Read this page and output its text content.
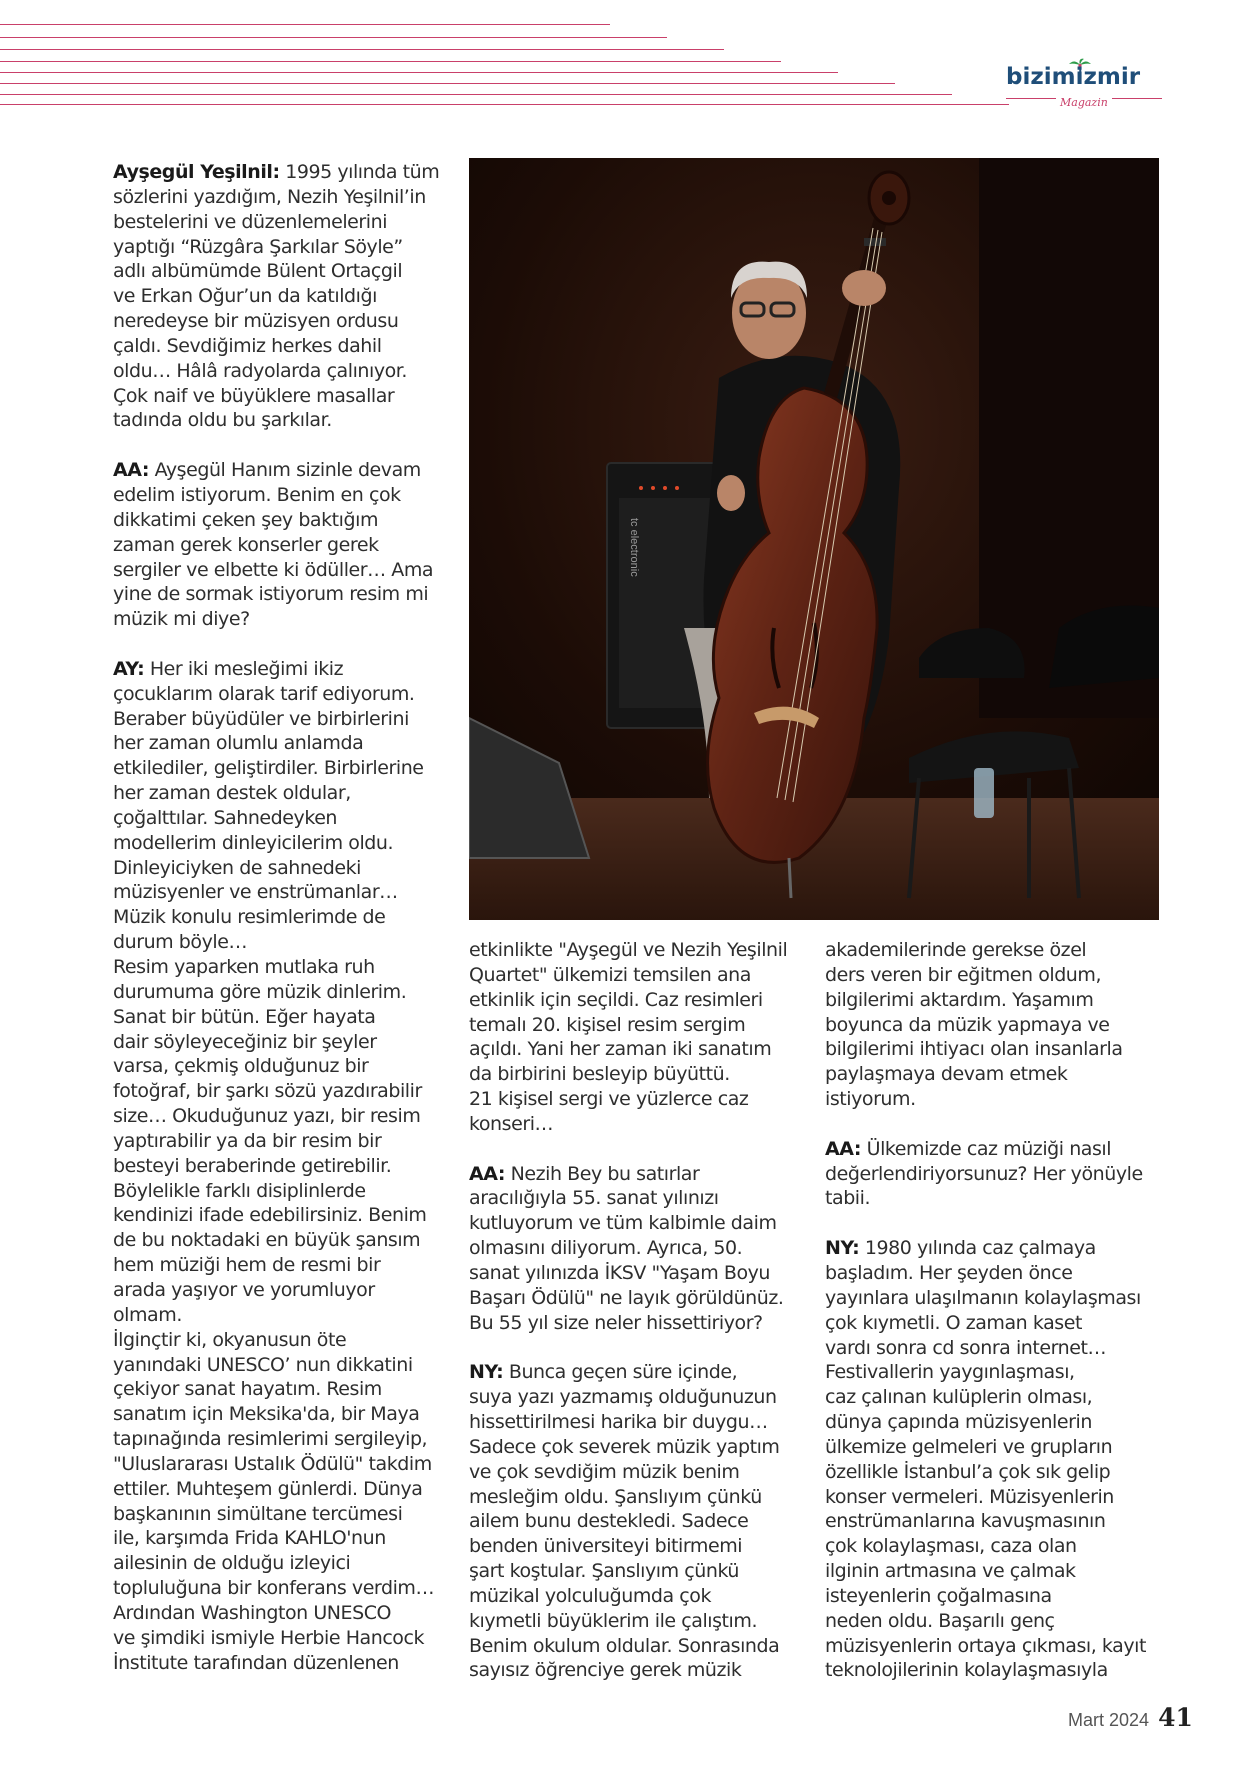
bizimizmir
Magazin
tc electronic

Ayşegül Yeşilnil: 1995 yılında tüm

sözlerini yazdığım, Nezih Yeşilnil’in

bestelerini ve düzenlemelerini

yaptığı “Rüzgâra Şarkılar Söyle”

adlı albümümde Bülent Ortaçgil

ve Erkan Oğur’un da katıldığı

neredeyse bir müzisyen ordusu

çaldı. Sevdiğimiz herkes dahil

oldu… Hâlâ radyolarda çalınıyor.

Çok naif ve büyüklere masallar

tadında oldu bu şarkılar.

AA: Ayşegül Hanım sizinle devam

edelim istiyorum. Benim en çok

dikkatimi çeken şey baktığım

zaman gerek konserler gerek

sergiler ve elbette ki ödüller… Ama

yine de sormak istiyorum resim mi

müzik mi diye?

AY: Her iki mesleğimi ikiz

çocuklarım olarak tarif ediyorum.

Beraber büyüdüler ve birbirlerini

her zaman olumlu anlamda

etkilediler, geliştirdiler. Birbirlerine

her zaman destek oldular,

çoğalttılar. Sahnedeyken

modellerim dinleyicilerim oldu.

Dinleyiciyken de sahnedeki

müzisyenler ve enstrümanlar…

Müzik konulu resimlerimde de

durum böyle…

Resim yaparken mutlaka ruh

durumuma göre müzik dinlerim.

Sanat bir bütün. Eğer hayata

dair söyleyeceğiniz bir şeyler

varsa, çekmiş olduğunuz bir

fotoğraf, bir şarkı sözü yazdırabilir

size… Okuduğunuz yazı, bir resim

yaptırabilir ya da bir resim bir

besteyi beraberinde getirebilir.

Böylelikle farklı disiplinlerde

kendinizi ifade edebilirsiniz. Benim

de bu noktadaki en büyük şansım

hem müziği hem de resmi bir

arada yaşıyor ve yorumluyor

olmam.

İlginçtir ki, okyanusun öte

yanındaki UNESCO’ nun dikkatini

çekiyor sanat hayatım. Resim

sanatım için Meksika'da, bir Maya

tapınağında resimlerimi sergileyip,

"Uluslararası Ustalık Ödülü" takdim

ettiler. Muhteşem günlerdi. Dünya

başkanının simültane tercümesi

ile, karşımda Frida KAHLO'nun

ailesinin de olduğu izleyici

topluluğuna bir konferans verdim…

Ardından Washington UNESCO

ve şimdiki ismiyle Herbie Hancock

İnstitute tarafından düzenlenen

etkinlikte "Ayşegül ve Nezih Yeşilnil

Quartet" ülkemizi temsilen ana

etkinlik için seçildi. Caz resimleri

temalı 20. kişisel resim sergim

açıldı. Yani her zaman iki sanatım

da birbirini besleyip büyüttü.

21 kişisel sergi ve yüzlerce caz

konseri…

AA: Nezih Bey bu satırlar

aracılığıyla 55. sanat yılınızı

kutluyorum ve tüm kalbimle daim

olmasını diliyorum. Ayrıca, 50.

sanat yılınızda İKSV "Yaşam Boyu

Başarı Ödülü" ne layık görüldünüz.

Bu 55 yıl size neler hissettiriyor?

NY: Bunca geçen süre içinde,

suya yazı yazmamış olduğunuzun

hissettirilmesi harika bir duygu…

Sadece çok severek müzik yaptım

ve çok sevdiğim müzik benim

mesleğim oldu. Şanslıyım çünkü

ailem bunu destekledi. Sadece

benden üniversiteyi bitirmemi

şart koştular. Şanslıyım çünkü

müzikal yolculuğumda çok

kıymetli büyüklerim ile çalıştım.

Benim okulum oldular. Sonrasında

sayısız öğrenciye gerek müzik

akademilerinde gerekse özel

ders veren bir eğitmen oldum,

bilgilerimi aktardım. Yaşamım

boyunca da müzik yapmaya ve

bilgilerimi ihtiyacı olan insanlarla

paylaşmaya devam etmek

istiyorum.

AA: Ülkemizde caz müziği nasıl

değerlendiriyorsunuz? Her yönüyle

tabii.

NY: 1980 yılında caz çalmaya

başladım. Her şeyden önce

yayınlara ulaşılmanın kolaylaşması

çok kıymetli. O zaman kaset

vardı sonra cd sonra internet…

Festivallerin yaygınlaşması,

caz çalınan kulüplerin olması,

dünya çapında müzisyenlerin

ülkemize gelmeleri ve grupların

özellikle İstanbul’a çok sık gelip

konser vermeleri. Müzisyenlerin

enstrümanlarına kavuşmasının

çok kolaylaşması, caza olan

ilginin artmasına ve çalmak

isteyenlerin çoğalmasına

neden oldu. Başarılı genç

müzisyenlerin ortaya çıkması, kayıt

teknolojilerinin kolaylaşmasıyla

Mart 2024 41
